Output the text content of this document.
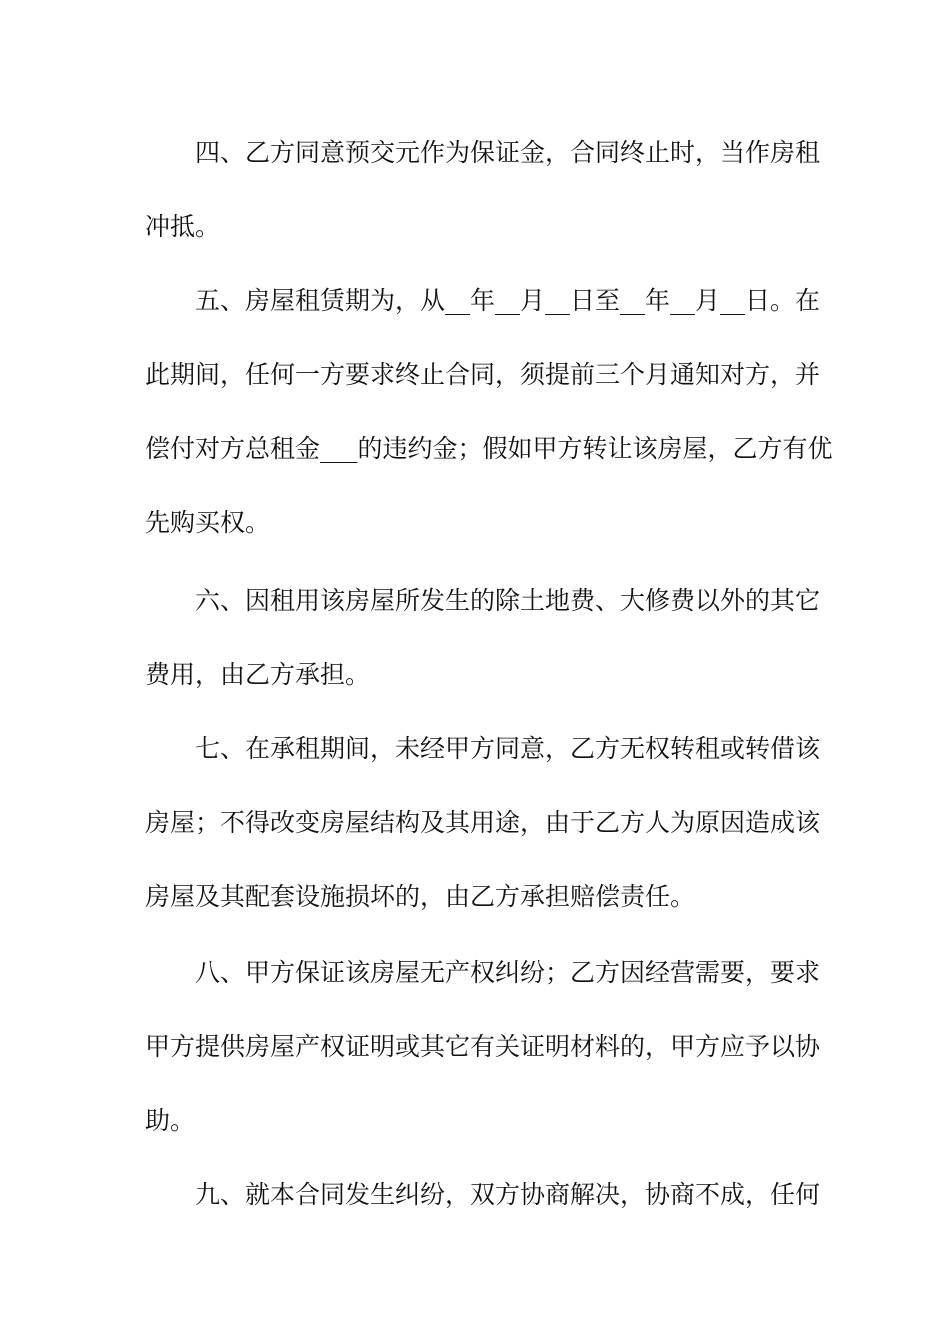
四、乙方同意预交元作为保证金，合同终止时，当作房租
冲抵。
五、房屋租赁期为，从__年__月__日至__年__月__日。在
此期间，任何一方要求终止合同，须提前三个月通知对方，并
偿付对方总租金___的违约金；假如甲方转让该房屋，乙方有优
先购买权。
六、因租用该房屋所发生的除土地费、大修费以外的其它
费用，由乙方承担。
七、在承租期间，未经甲方同意，乙方无权转租或转借该
房屋；不得改变房屋结构及其用途，由于乙方人为原因造成该
房屋及其配套设施损坏的，由乙方承担赔偿责任。
八、甲方保证该房屋无产权纠纷；乙方因经营需要，要求
甲方提供房屋产权证明或其它有关证明材料的，甲方应予以协
助。
九、就本合同发生纠纷，双方协商解决，协商不成，任何
